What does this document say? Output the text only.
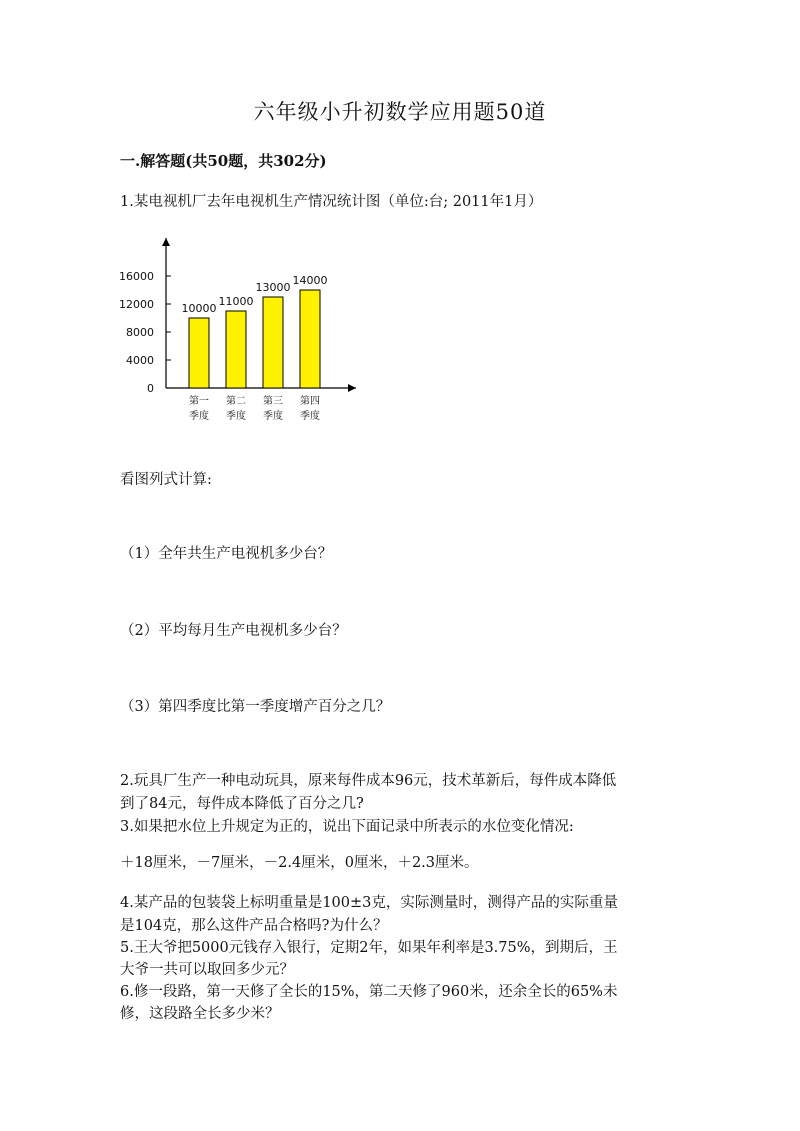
六年级小升初数学应用题50道
一.解答题(共50题，共302分)
1.某电视机厂去年电视机生产情况统计图（单位:台; 2011年1月）
0
4000
8000
12000
16000
10000
第一
季度
11000
第二
季度
13000
第三
季度
14000
第四
季度
看图列式计算:
（1）全年共生产电视机多少台？
（2）平均每月生产电视机多少台？
（3）第四季度比第一季度增产百分之几？
2.玩具厂生产一种电动玩具，原来每件成本96元，技术革新后，每件成本降低
到了84元，每件成本降低了百分之几?
3.如果把水位上升规定为正的，说出下面记录中所表示的水位变化情况:
＋18厘米，－7厘米，－2.4厘米，0厘米，＋2.3厘米。
4.某产品的包装袋上标明重量是100±3克，实际测量时，测得产品的实际重量
是104克，那么这件产品合格吗?为什么？
5.王大爷把5000元钱存入银行，定期2年，如果年利率是3.75%，到期后，王
大爷一共可以取回多少元？
6.修一段路，第一天修了全长的15%，第二天修了960米，还余全长的65%未
修，这段路全长多少米？
